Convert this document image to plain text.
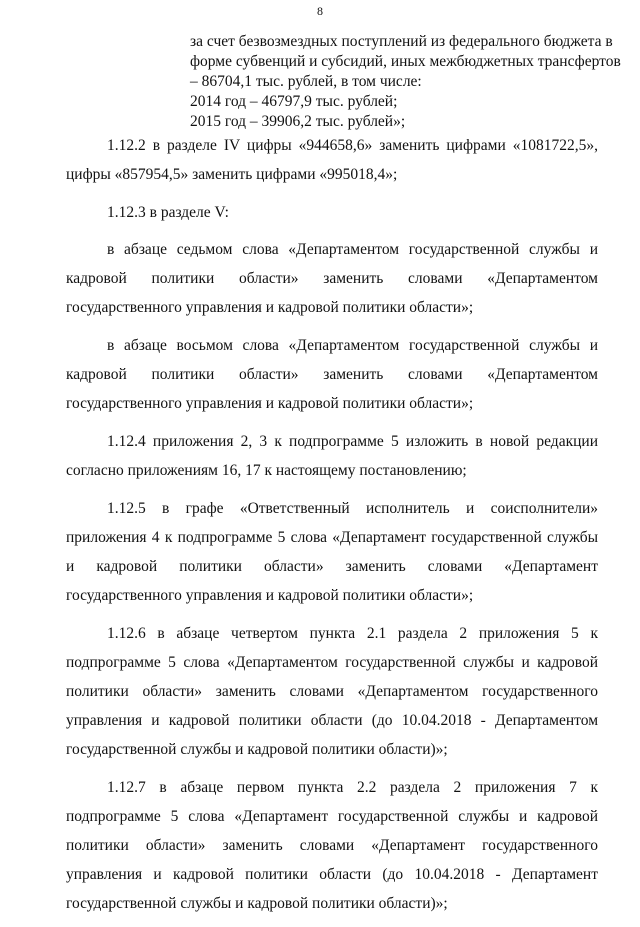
8
за счет безвозмездных поступлений из федерального бюджета в
форме субвенций и субсидий, иных межбюджетных трансфертов
– 86704,1 тыс. рублей, в том числе:
2014 год – 46797,9 тыс. рублей;
2015 год – 39906,2 тыс. рублей»;

1.12.2 в разделе IV цифры «944658,6» заменить цифрами «1081722,5», цифры «857954,5» заменить цифрами «995018,4»;

1.12.3 в разделе V:

в абзаце седьмом слова «Департаментом государственной службы и кадровой политики области» заменить словами «Департаментом государственного управления и кадровой политики области»;

в абзаце восьмом слова «Департаментом государственной службы и кадровой политики области» заменить словами «Департаментом государственного управления и кадровой политики области»;

1.12.4 приложения 2, 3 к подпрограмме 5 изложить в новой редакции согласно приложениям 16, 17 к настоящему постановлению;

1.12.5 в графе «Ответственный исполнитель и соисполнители» приложения 4 к подпрограмме 5 слова «Департамент государственной службы и кадровой политики области» заменить словами «Департамент государственного управления и кадровой политики области»;

1.12.6 в абзаце четвертом пункта 2.1 раздела 2 приложения 5 к подпрограмме 5 слова «Департаментом государственной службы и кадровой политики области» заменить словами «Департаментом государственного управления и кадровой политики области (до 10.04.2018 - Департаментом государственной службы и кадровой политики области)»;

1.12.7 в абзаце первом пункта 2.2 раздела 2 приложения 7 к подпрограмме 5 слова «Департамент государственной службы и кадровой политики области» заменить словами «Департамент государственного управления и кадровой политики области (до 10.04.2018 - Департамент государственной службы и кадровой политики области)»;
